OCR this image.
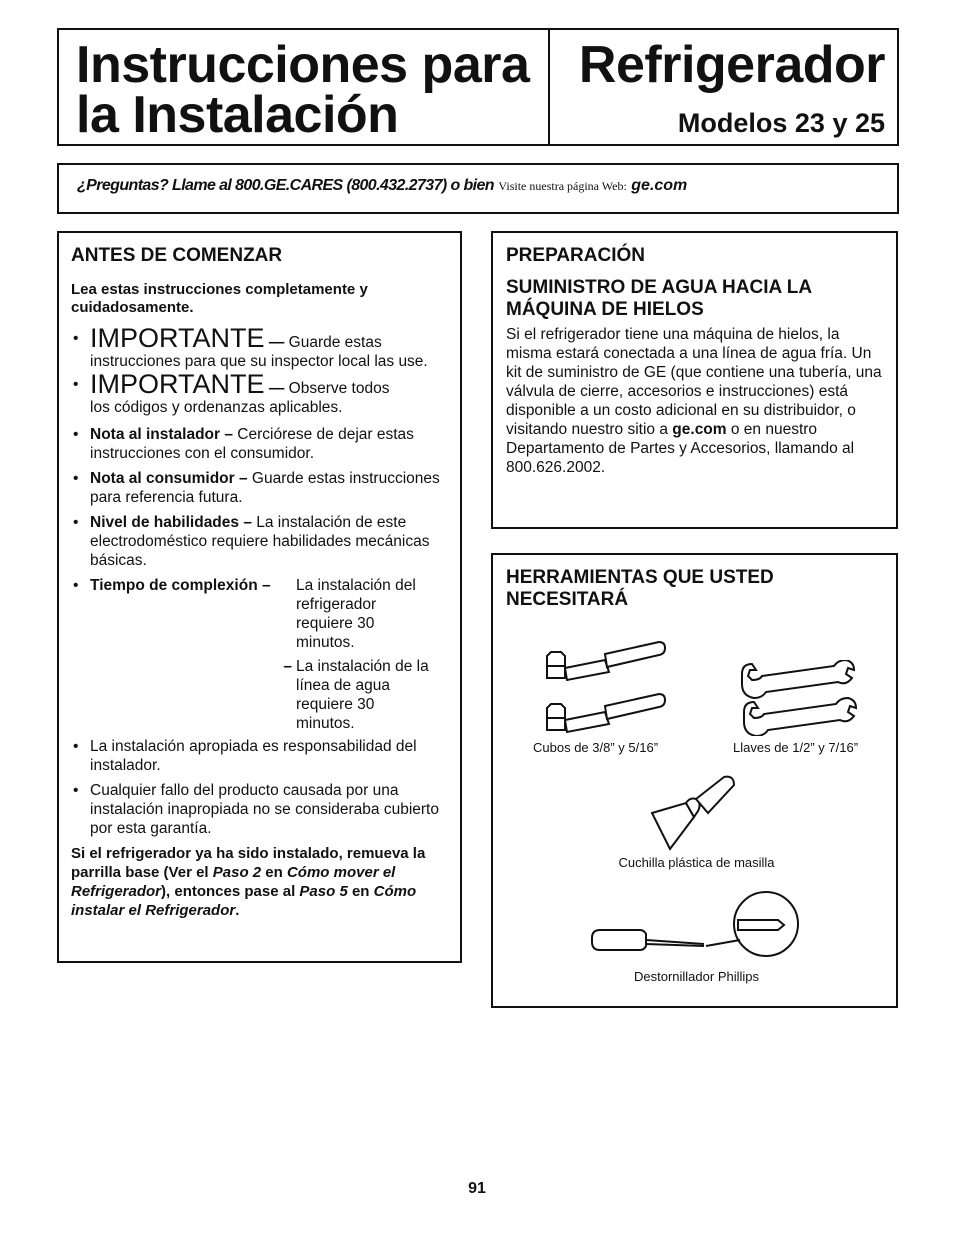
Instrucciones para
la Instalación
Refrigerador
Modelos 23 y 25
¿Preguntas? Llame al 800.GE.CARES (800.432.2737) o bien Visite nuestra página Web: ge.com
ANTES DE COMENZAR
Lea estas instrucciones completamente y cuidadosamente.
• IMPORTANTE — Guarde estas
instrucciones para que su inspector local las use.
• IMPORTANTE — Observe todos
los códigos y ordenanzas aplicables.
• Nota al instalador – Cerciórese de dejar estas instrucciones con el consumidor.
• Nota al consumidor – Guarde estas instrucciones para referencia futura.
• Nivel de habilidades – La instalación de este electrodoméstico requiere habilidades mecánicas básicas.
• Tiempo de complexión –	La instalación del refrigerador requiere 30 minutos.
– La instalación de la línea de agua requiere 30 minutos.
• La instalación apropiada es responsabilidad del instalador.
• Cualquier fallo del producto causada por una instalación inapropiada no se consideraba cubierto por esta garantía.
Si el refrigerador ya ha sido instalado, remueva la parrilla base (Ver el Paso 2 en Cómo mover el Refrigerador), entonces pase al Paso 5 en Cómo instalar el Refrigerador.
PREPARACIÓN
SUMINISTRO DE AGUA HACIA LA MÁQUINA DE HIELOS

Si el refrigerador tiene una máquina de hielos, la misma estará conectada a una línea de agua fría. Un kit de suministro de GE (que contiene una tubería, una válvula de cierre, accesorios e instrucciones) está disponible a un costo adicional en su distribuidor, o visitando nuestro sitio a ge.com o en nuestro Departamento de Partes y Accesorios, llamando al 800.626.2002.

HERRAMIENTAS QUE USTED NECESITARÁ
Cubos de 3/8” y 5/16”	Llaves de 1/2” y 7/16”
Cuchilla plástica de masilla
Destornillador Phillips
91
